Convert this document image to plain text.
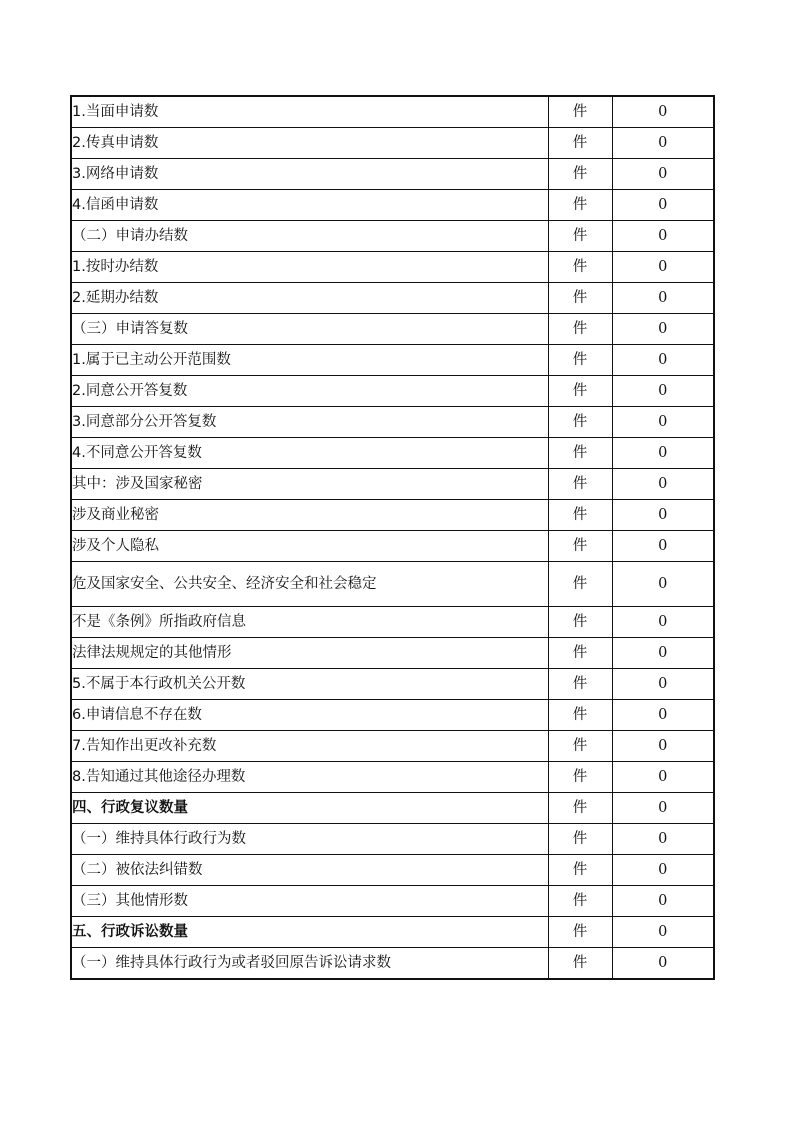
1.当面申请数	件	0

2.传真申请数	件	0

3.网络申请数	件	0

4.信函申请数	件	0

（二）申请办结数	件	0

1.按时办结数	件	0

2.延期办结数	件	0

（三）申请答复数	件	0

1.属于已主动公开范围数	件	0

2.同意公开答复数	件	0

3.同意部分公开答复数	件	0

4.不同意公开答复数	件	0

其中：涉及国家秘密	件	0

涉及商业秘密	件	0

涉及个人隐私	件	0

危及国家安全、公共安全、经济安全和社会稳定	件	0

不是《条例》所指政府信息	件	0

法律法规规定的其他情形	件	0

5.不属于本行政机关公开数	件	0

6.申请信息不存在数	件	0

7.告知作出更改补充数	件	0

8.告知通过其他途径办理数	件	0

四、行政复议数量	件	0

（一）维持具体行政行为数	件	0

（二）被依法纠错数	件	0

（三）其他情形数	件	0

五、行政诉讼数量	件	0

（一）维持具体行政行为或者驳回原告诉讼请求数	件	0
